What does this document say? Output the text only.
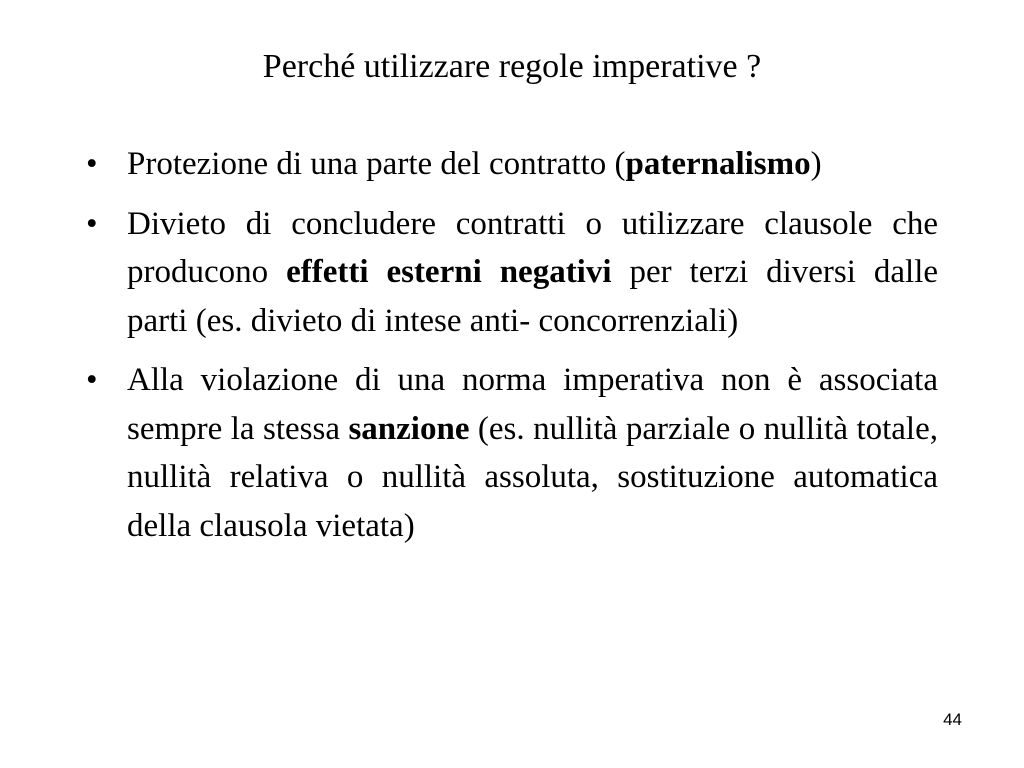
Perché utilizzare regole imperative ?
• Protezione di una parte del contratto (paternalismo)
• Divieto di concludere contratti o utilizzare clausole che producono effetti esterni negativi per terzi diversi dalle parti (es. divieto di intese anti- concorrenziali)
• Alla violazione di una norma imperativa non è associata sempre la stessa sanzione (es. nullità parziale o nullità totale, nullità relativa o nullità assoluta, sostituzione automatica della clausola vietata)
44
